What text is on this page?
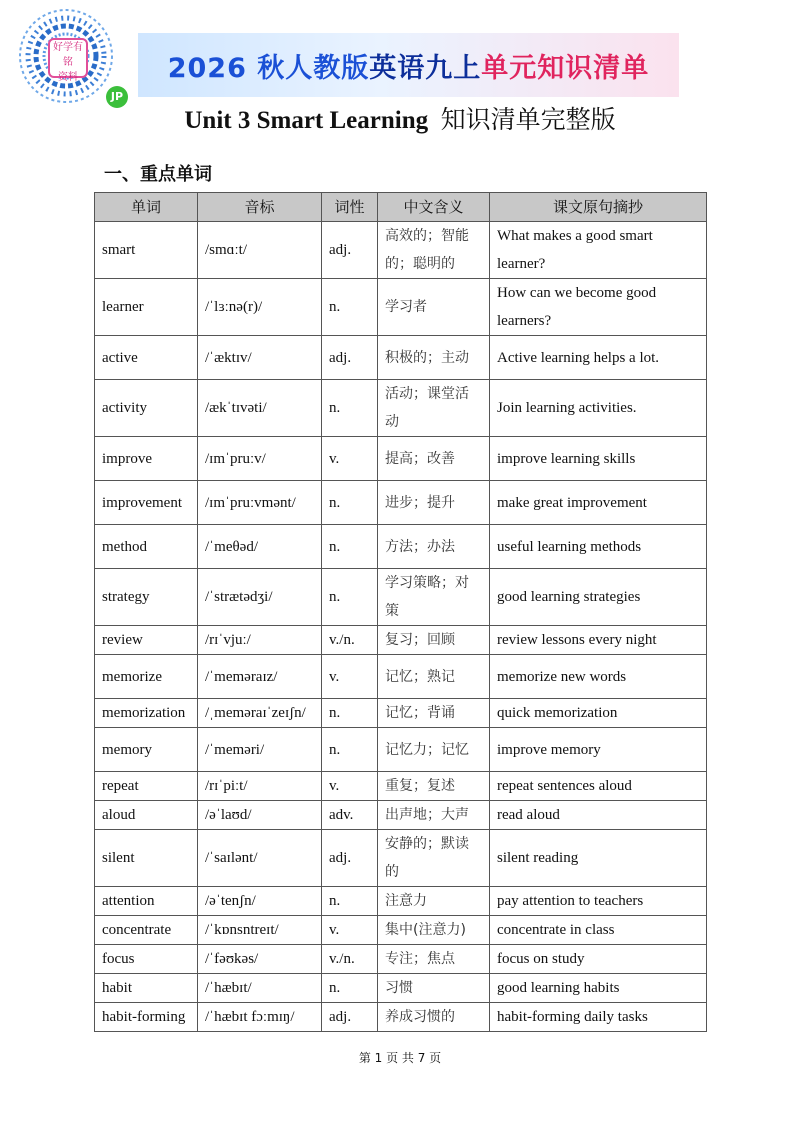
好学有铭
资料
JP
2026 秋人教版 英语九上 单元知识清单
Unit 3 Smart Learning 知识清单完整版
一、重点单词
单词	音标	词性	中文含义	课文原句摘抄
smart	/smɑːt/	adj.	高效的；智能的；聪明的	What makes a good smart learner?
learner	/ˈlɜːnə(r)/	n.	学习者	How can we become good learners?
active	/ˈæktɪv/	adj.	积极的；主动	Active learning helps a lot.
activity	/ækˈtɪvəti/	n.	活动；课堂活动	Join learning activities.
improve	/ɪmˈpruːv/	v.	提高；改善	improve learning skills
improvement	/ɪmˈpruːvmənt/	n.	进步；提升	make great improvement
method	/ˈmeθəd/	n.	方法；办法	useful learning methods
strategy	/ˈstrætədʒi/	n.	学习策略；对策	good learning strategies
review	/rɪˈvjuː/	v./n.	复习；回顾	review lessons every night
memorize	/ˈmeməraɪz/	v.	记忆；熟记	memorize new words
memorization	/ˌmeməraɪˈzeɪʃn/	n.	记忆；背诵	quick memorization
memory	/ˈmeməri/	n.	记忆力；记忆	improve memory
repeat	/rɪˈpiːt/	v.	重复；复述	repeat sentences aloud
aloud	/əˈlaʊd/	adv.	出声地；大声	read aloud
silent	/ˈsaɪlənt/	adj.	安静的；默读的	silent reading
attention	/əˈtenʃn/	n.	注意力	pay attention to teachers
concentrate	/ˈkɒnsntreɪt/	v.	集中(注意力)	concentrate in class
focus	/ˈfəʊkəs/	v./n.	专注；焦点	focus on study
habit	/ˈhæbɪt/	n.	习惯	good learning habits
habit-forming	/ˈhæbɪt fɔːmɪŋ/	adj.	养成习惯的	habit-forming daily tasks
第 1 页 共 7 页
